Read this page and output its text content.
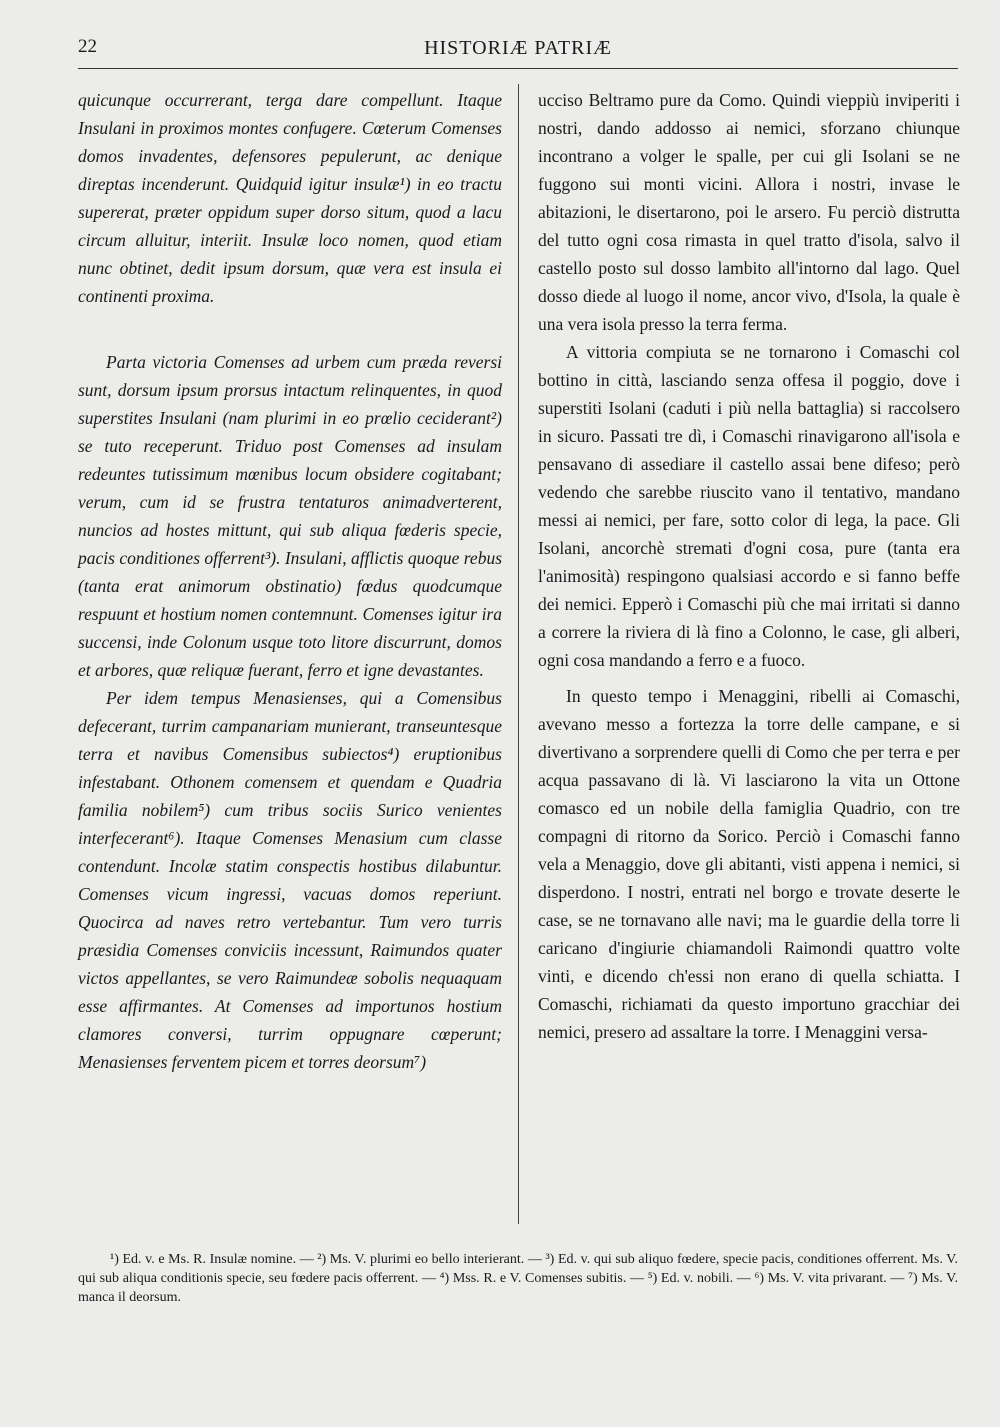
22	HISTORIÆ PATRIÆ

quicunque occurrerant, terga dare compellunt. Itaque Insulani in proximos montes confugere. Cœterum Comenses domos invadentes, defensores pepulerunt, ac denique direptas incenderunt. Quidquid igitur insulæ¹) in eo tractu supererat, præter oppidum super dorso situm, quod a lacu circum alluitur, interiit. Insulæ loco nomen, quod etiam nunc obtinet, dedit ipsum dorsum, quæ vera est insula ei continenti proxima.

Parta victoria Comenses ad urbem cum præda reversi sunt, dorsum ipsum prorsus intactum relinquentes, in quod superstites Insulani (nam plurimi in eo prœlio ceciderant²) se tuto receperunt. Triduo post Comenses ad insulam redeuntes tutissimum mœnibus locum obsidere cogitabant; verum, cum id se frustra tentaturos animadverterent, nuncios ad hostes mittunt, qui sub aliqua fœderis specie, pacis conditiones offerrent³). Insulani, afflictis quoque rebus (tanta erat animorum obstinatio) fœdus quodcumque respuunt et hostium nomen contemnunt. Comenses igitur ira succensi, inde Colonum usque toto litore discurrunt, domos et arbores, quæ reliquæ fuerant, ferro et igne devastantes.

Per idem tempus Menasienses, qui a Comensibus defecerant, turrim campanariam munierant, transeuntesque terra et navibus Comensibus subiectos⁴) eruptionibus infestabant. Othonem comensem et quendam e Quadria familia nobilem⁵) cum tribus sociis Surico venientes interfecerant⁶). Itaque Comenses Menasium cum classe contendunt. Incolæ statim conspectis hostibus dilabuntur. Comenses vicum ingressi, vacuas domos reperiunt. Quocirca ad naves retro vertebantur. Tum vero turris præsidia Comenses conviciis incessunt, Raimundos quater victos appellantes, se vero Raimundeæ sobolis nequaquam esse affirmantes. At Comenses ad importunos hostium clamores conversi, turrim oppugnare cœperunt; Menasienses ferventem picem et torres deorsum⁷)

ucciso Beltramo pure da Como. Quindi vieppiù inviperiti i nostri, dando addosso ai nemici, sforzano chiunque incontrano a volger le spalle, per cui gli Isolani se ne fuggono sui monti vicini. Allora i nostri, invase le abitazioni, le disertarono, poi le arsero. Fu perciò distrutta del tutto ogni cosa rimasta in quel tratto d'isola, salvo il castello posto sul dosso lambito all'intorno dal lago. Quel dosso diede al luogo il nome, ancor vivo, d'Isola, la quale è una vera isola presso la terra ferma.

A vittoria compiuta se ne tornarono i Comaschi col bottino in città, lasciando senza offesa il poggio, dove i superstiti Isolani (caduti i più nella battaglia) si raccolsero in sicuro. Passati tre dì, i Comaschi rinavigarono all'isola e pensavano di assediare il castello assai bene difeso; però vedendo che sarebbe riuscito vano il tentativo, mandano messi ai nemici, per fare, sotto color di lega, la pace. Gli Isolani, ancorchè stremati d'ogni cosa, pure (tanta era l'animosità) respingono qualsiasi accordo e si fanno beffe dei nemici. Epperò i Comaschi più che mai irritati si danno a correre la riviera di là fino a Colonno, le case, gli alberi, ogni cosa mandando a ferro e a fuoco.

In questo tempo i Menaggini, ribelli ai Comaschi, avevano messo a fortezza la torre delle campane, e si divertivano a sorprendere quelli di Como che per terra e per acqua passavano di là. Vi lasciarono la vita un Ottone comasco ed un nobile della famiglia Quadrio, con tre compagni di ritorno da Sorico. Perciò i Comaschi fanno vela a Menaggio, dove gli abitanti, visti appena i nemici, si disperdono. I nostri, entrati nel borgo e trovate deserte le case, se ne tornavano alle navi; ma le guardie della torre li caricano d'ingiurie chiamandoli Raimondi quattro volte vinti, e dicendo ch'essi non erano di quella schiatta. I Comaschi, richiamati da questo importuno gracchiar dei nemici, presero ad assaltare la torre. I Menaggini versa-

¹) Ed. v. e Ms. R. Insulæ nomine. — ²) Ms. V. plurimi eo bello interierant. — ³) Ed. v. qui sub aliquo fœdere, specie pacis, conditiones offerrent. Ms. V. qui sub aliqua conditionis specie, seu fœdere pacis offerrent. — ⁴) Mss. R. e V. Comenses subitis. — ⁵) Ed. v. nobili. — ⁶) Ms. V. vita privarant. — ⁷) Ms. V. manca il deorsum.
